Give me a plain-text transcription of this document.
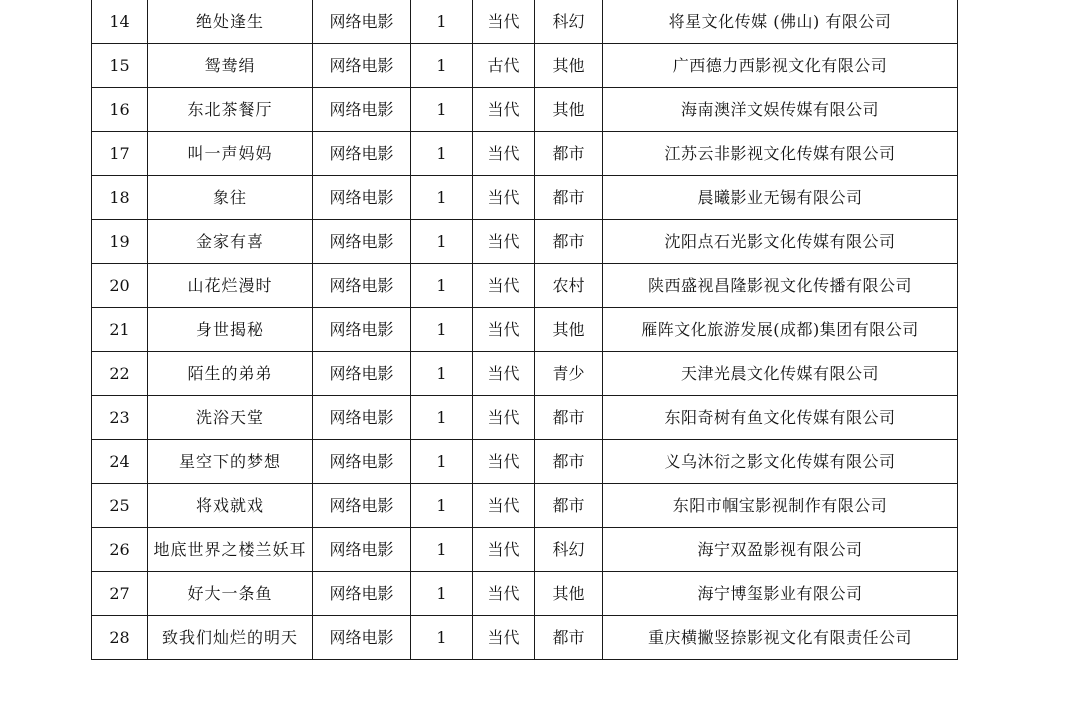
14	绝处逢生	网络电影	1	当代	科幻	将星文化传媒 (佛山) 有限公司
15	鸳鸯绢	网络电影	1	古代	其他	广西德力西影视文化有限公司
16	东北茶餐厅	网络电影	1	当代	其他	海南澳洋文娱传媒有限公司
17	叫一声妈妈	网络电影	1	当代	都市	江苏云非影视文化传媒有限公司
18	象往	网络电影	1	当代	都市	晨曦影业无锡有限公司
19	金家有喜	网络电影	1	当代	都市	沈阳点石光影文化传媒有限公司
20	山花烂漫时	网络电影	1	当代	农村	陕西盛视昌隆影视文化传播有限公司
21	身世揭秘	网络电影	1	当代	其他	雁阵文化旅游发展(成都)集团有限公司
22	陌生的弟弟	网络电影	1	当代	青少	天津光晨文化传媒有限公司
23	洗浴天堂	网络电影	1	当代	都市	东阳奇树有鱼文化传媒有限公司
24	星空下的梦想	网络电影	1	当代	都市	义乌沐衍之影文化传媒有限公司
25	将戏就戏	网络电影	1	当代	都市	东阳市帼宝影视制作有限公司
26	地底世界之楼兰妖耳	网络电影	1	当代	科幻	海宁双盈影视有限公司
27	好大一条鱼	网络电影	1	当代	其他	海宁博玺影业有限公司
28	致我们灿烂的明天	网络电影	1	当代	都市	重庆横撇竖捺影视文化有限责任公司
